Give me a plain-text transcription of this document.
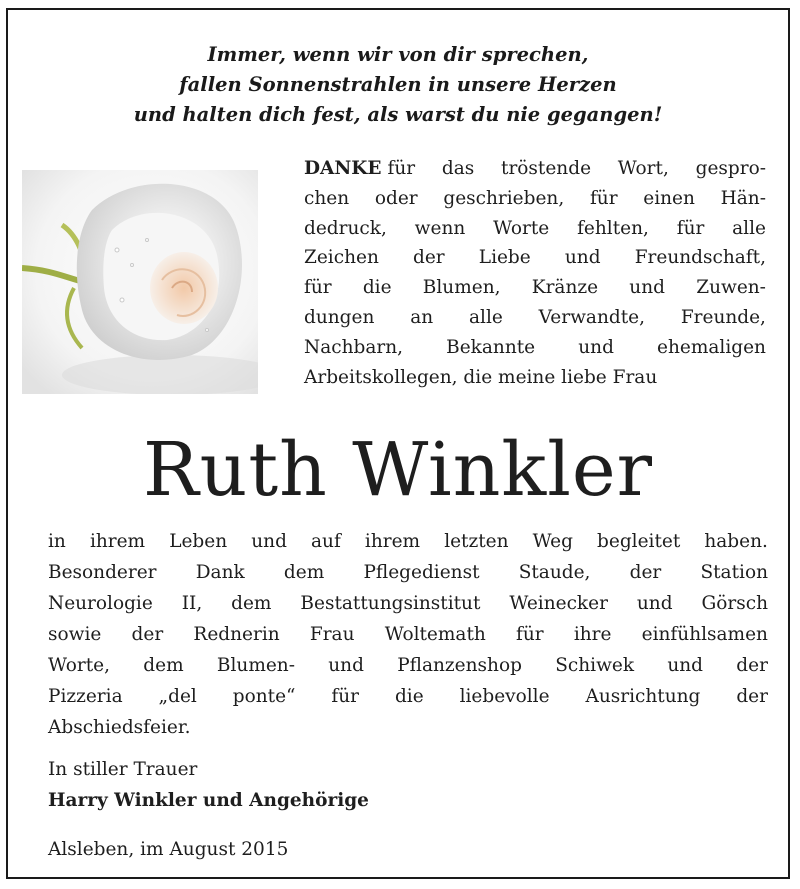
Immer, wenn wir von dir sprechen,
fallen Sonnenstrahlen in unsere Herzen
und halten dich fest, als warst du nie gegangen!
DANKE für das tröstende Wort, gespro-
chen oder geschrieben, für einen Hän-
dedruck, wenn Worte fehlten, für alle
Zeichen der Liebe und Freundschaft,
für die Blumen, Kränze und Zuwen-
dungen an alle Verwandte, Freunde,
Nachbarn, Bekannte und ehemaligen
Arbeitskollegen, die meine liebe Frau
Ruth Winkler
in ihrem Leben und auf ihrem letzten Weg begleitet haben.
Besonderer Dank dem Pflegedienst Staude, der Station
Neurologie II, dem Bestattungsinstitut Weinecker und Görsch
sowie der Rednerin Frau Woltemath für ihre einfühlsamen
Worte, dem Blumen- und Pflanzenshop Schiwek und der
Pizzeria „del ponte“ für die liebevolle Ausrichtung der
Abschiedsfeier.
In stiller Trauer
Harry Winkler und Angehörige
Alsleben, im August 2015
